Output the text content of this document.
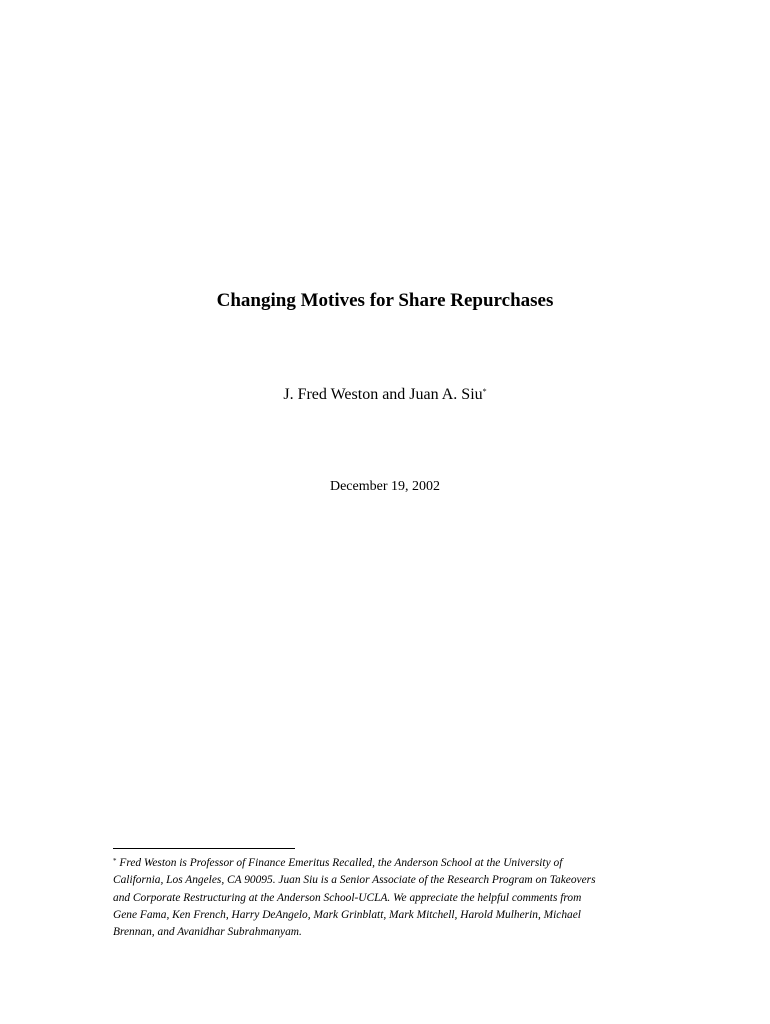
Changing Motives for Share Repurchases
J. Fred Weston and Juan A. Siu*
December 19, 2002
* Fred Weston is Professor of Finance Emeritus Recalled, the Anderson School at the University of
California, Los Angeles, CA 90095. Juan Siu is a Senior Associate of the Research Program on Takeovers
and Corporate Restructuring at the Anderson School-UCLA. We appreciate the helpful comments from
Gene Fama, Ken French, Harry DeAngelo, Mark Grinblatt, Mark Mitchell, Harold Mulherin, Michael
Brennan, and Avanidhar Subrahmanyam.
